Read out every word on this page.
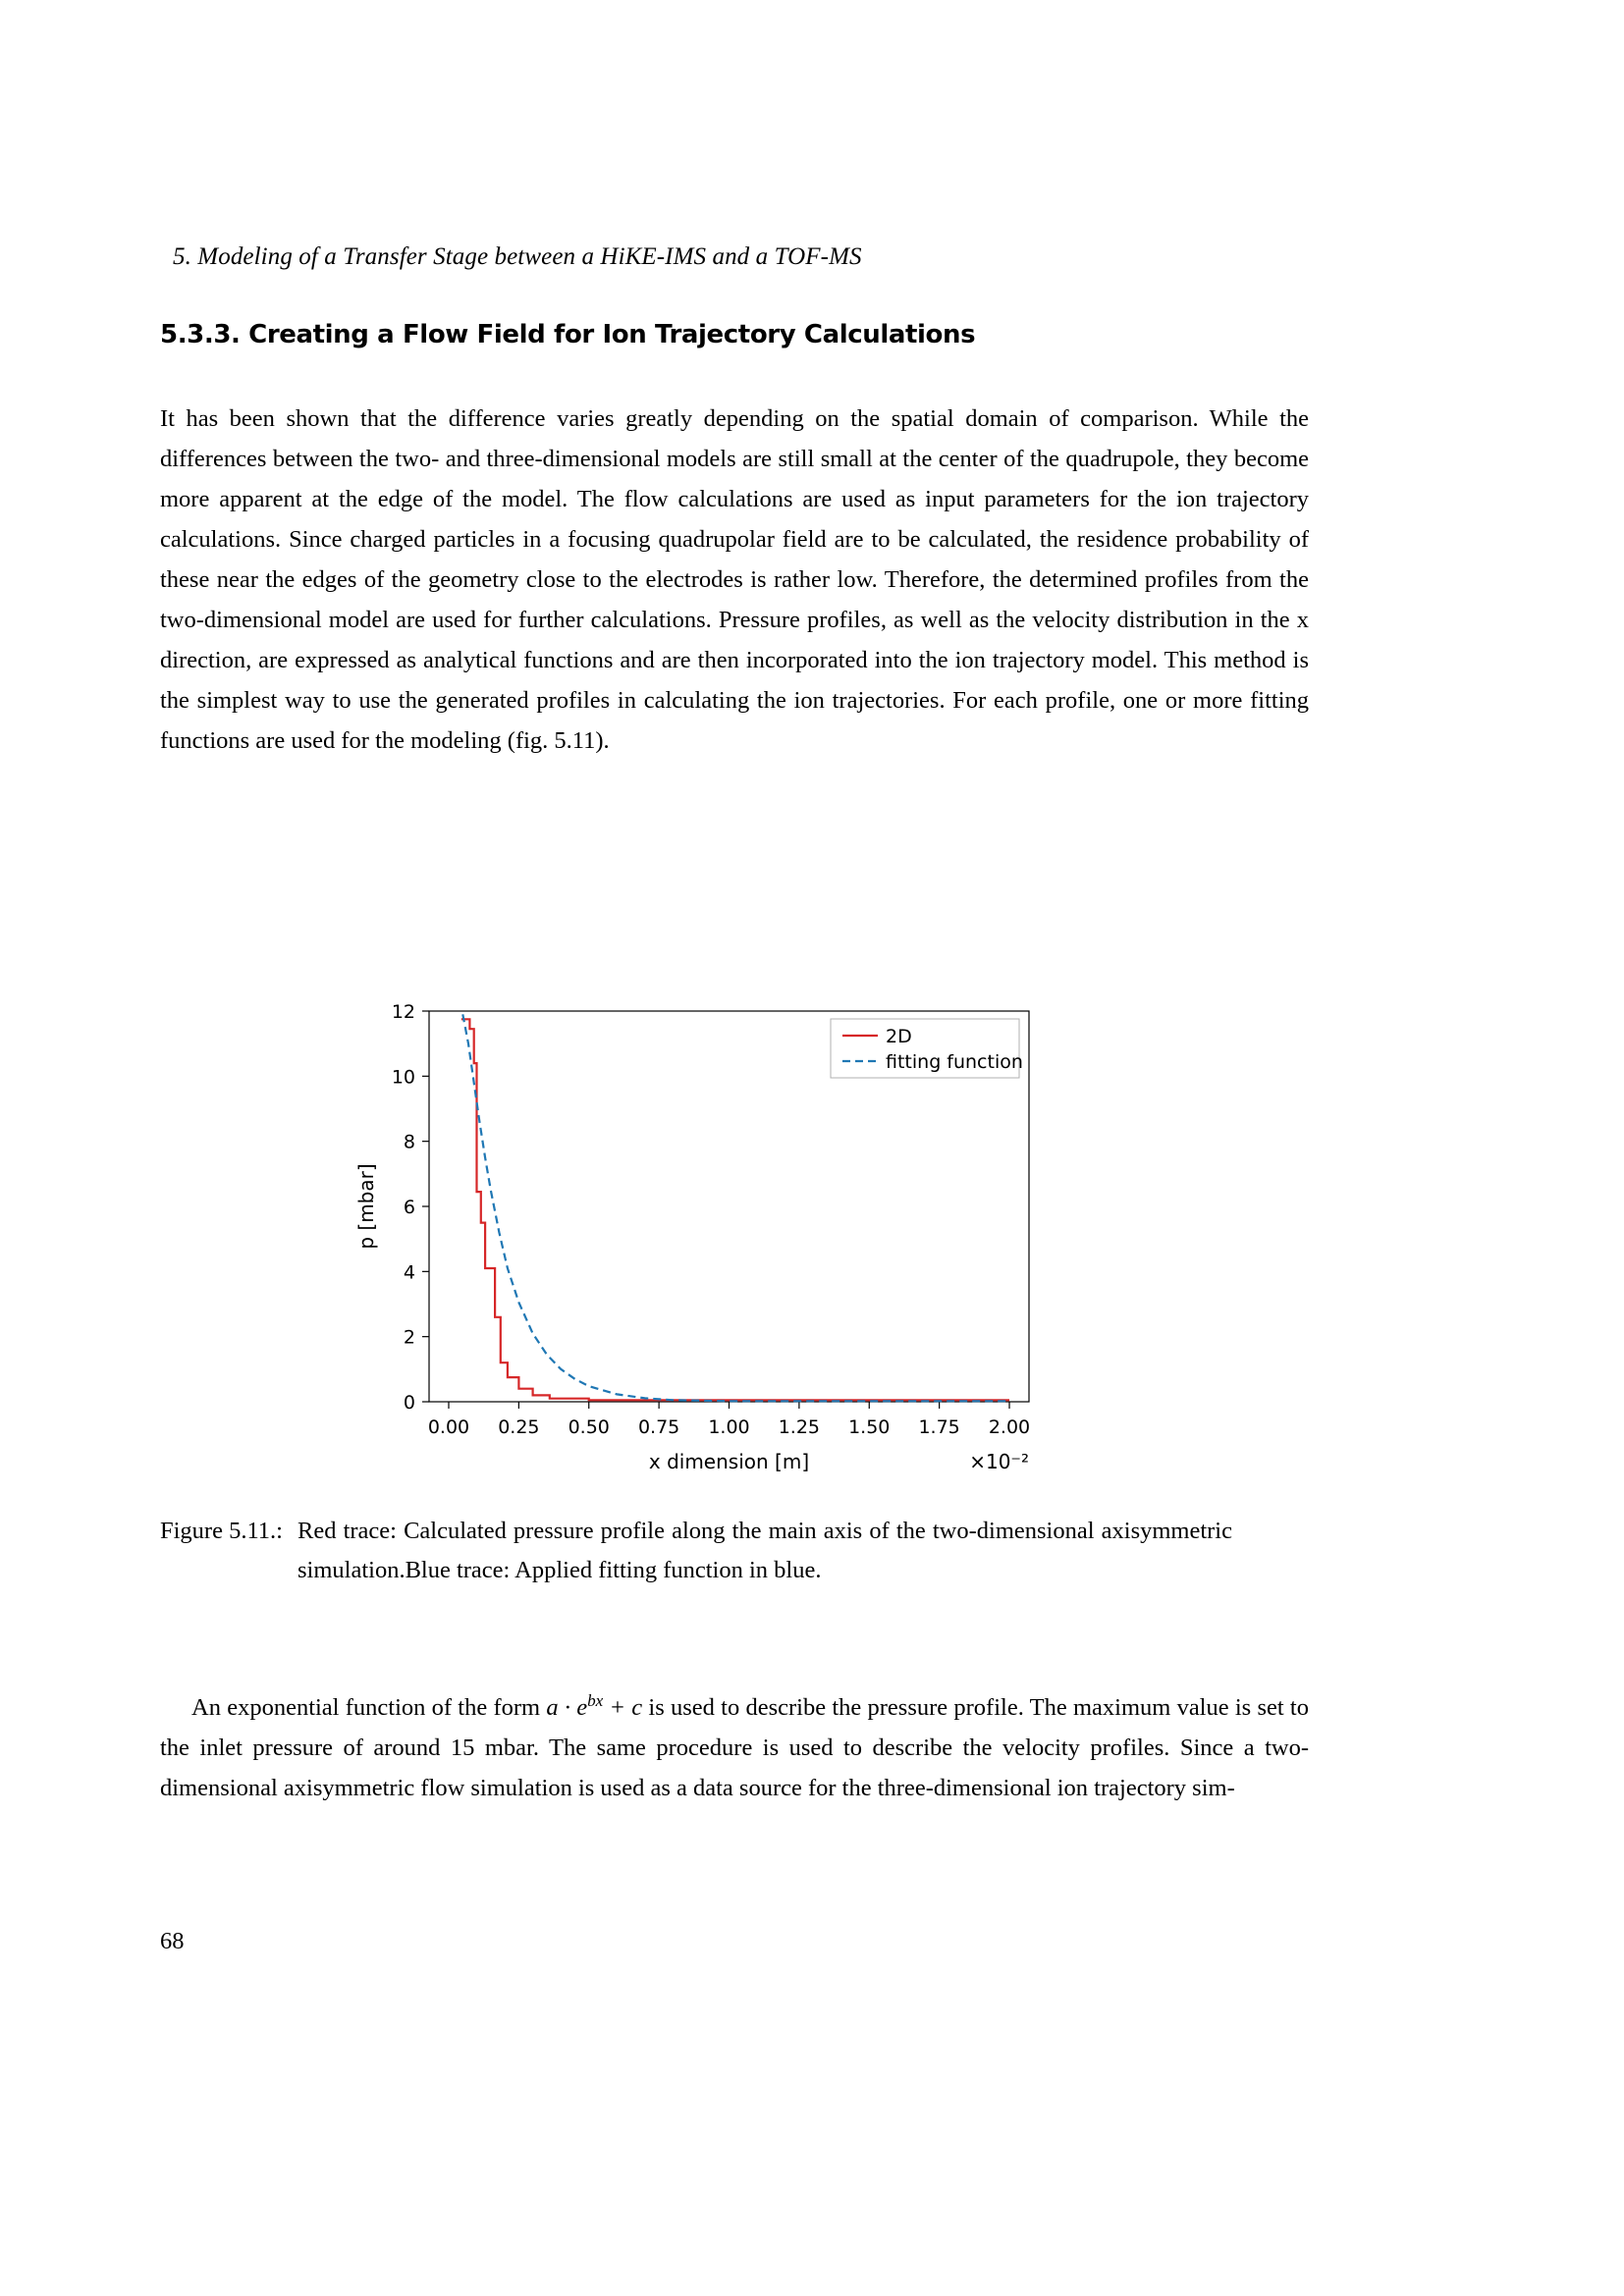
5. Modeling of a Transfer Stage between a HiKE-IMS and a TOF-MS
5.3.3. Creating a Flow Field for Ion Trajectory Calculations
It has been shown that the difference varies greatly depending on the spatial domain of comparison. While the differences between the two- and three-dimensional models are still small at the center of the quadrupole, they become more apparent at the edge of the model. The flow calculations are used as input parameters for the ion trajectory calculations. Since charged particles in a focusing quadrupolar field are to be calculated, the residence probability of these near the edges of the geometry close to the electrodes is rather low. Therefore, the determined profiles from the two-dimensional model are used for further calculations. Pressure profiles, as well as the velocity distribution in the x direction, are expressed as analytical functions and are then incorporated into the ion trajectory model. This method is the simplest way to use the generated profiles in calculating the ion trajectories. For each profile, one or more fitting functions are used for the modeling (fig. 5.11).
0.00 0.25 0.50 0.75 1.00 1.25 1.50 1.75 2.00
0
2
4
6
8
10
12
x dimension [m]	×10⁻²
p [mbar]
2D
fitting function
Figure 5.11.: Red trace: Calculated pressure profile along the main axis of the two-dimensional axisymmetric simulation.Blue trace: Applied fitting function in blue.
An exponential function of the form $a \cdot e^{bx} + c$ is used to describe the pressure profile. The maximum value is set to the inlet pressure of around 15 mbar. The same procedure is used to describe the velocity profiles. Since a two-dimensional axisymmetric flow simulation is used as a data source for the three-dimensional ion trajectory sim-
68
